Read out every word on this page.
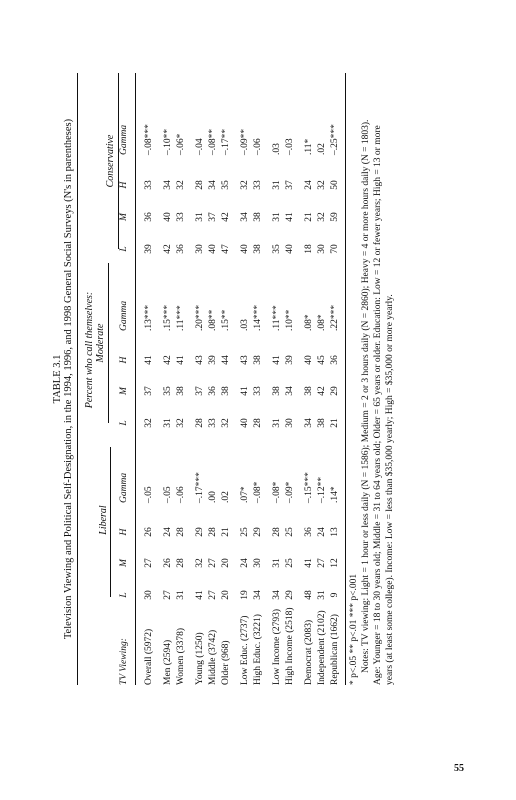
TABLE 3.1 Television Viewing and Political Self-Designation, in the 1994, 1996, and 1998 General Social Surveys (N's in parentheses) Percent who call themselves:
Liberal
Moderate
Conservative
TV Viewing:
L
M
H
Gamma
L
M
H
Gamma
L
M
H
Gamma
Overall (5972)
30
27
26
–.05
32
37
41
.13***
39
36
33
–.08***
Men (2594)
27
26
24
–.05
31
35
42
.15***
42
40
34
–.10**
Women (3378)
31
28
28
–.06
32
38
41
.11***
36
33
32
–.06*
Young (1250)
41
32
29
–.17***
28
37
43
.20***
30
31
28
–.04
Middle (3742)
27
27
28
.00
33
36
39
.08**
40
37
34
–.08**
Older (968)
20
20
21
.02
32
38
44
.15**
47
42
35
–.17**
Low Educ. (2737)
19
24
25
.07*
40
41
43
.03
40
34
32
–.09**
High Educ. (3221)
34
30
29
–.08*
28
33
38
.14***
38
38
33
–.06
Low Income (2793)
34
31
28
–.08*
31
38
41
.11***
35
31
31
.03
High Income (2518)
29
25
25
–.09*
30
34
39
.10**
40
41
37
–.03
Democrat (2083)
48
41
36
–.15***
34
38
40
.08*
18
21
24
.11*
Independent (2102)
31
27
24
–.12**
38
42
45
.08*
30
32
32
.02
Republican (1662)
9
12
13
.14*
21
29
36
.22***
70
59
50
–.25***
* p<.05 ** p<.01 *** p<.001 Notes: TV viewing: Light = 1 hour or less daily (N = 1586); Medium = 2 or 3 hours daily (N = 2860); Heavy = 4 or more hours daily (N = 1803). Age: Younger = 18 to 30 years old; Middle = 31 to 64 years old; Older = 65 years or older. Education: Low = 12 or fewer years; High = 13 or more years (at least some college). Income: Low = less than $35,000 yearly; High = $35,000 or more yearly.
55
